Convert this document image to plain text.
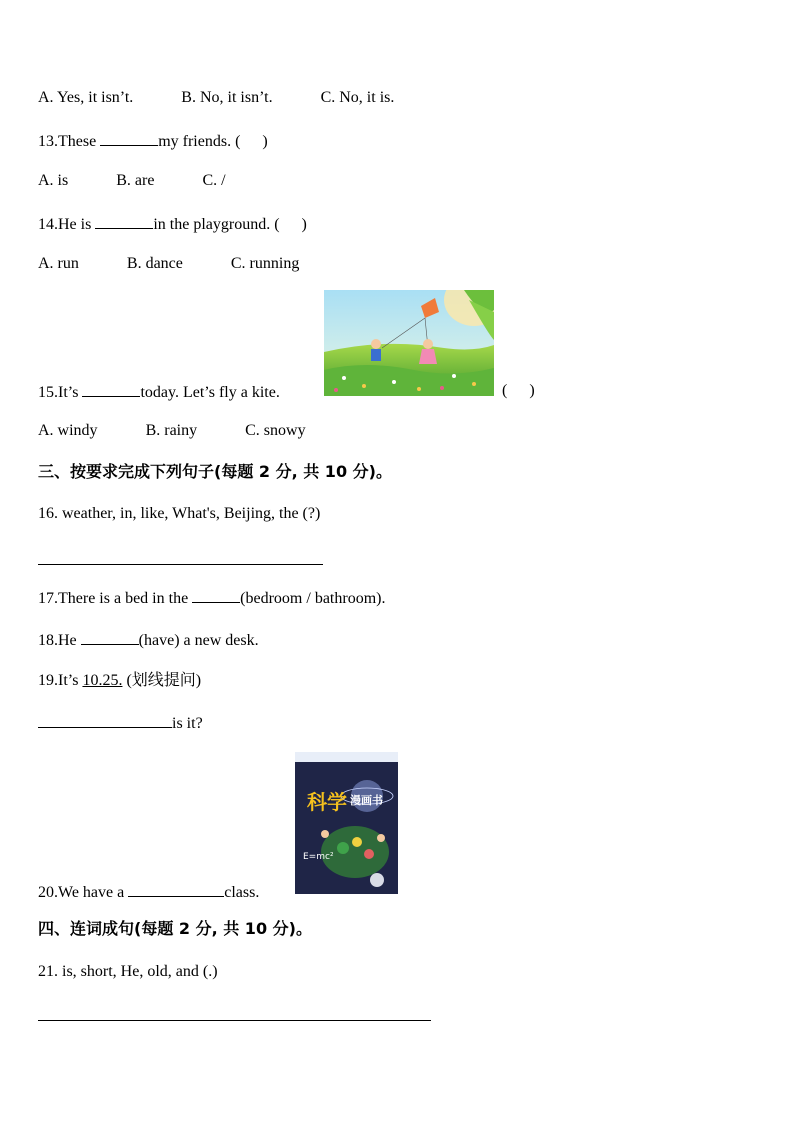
A. Yes, it isn’t.	B. No, it isn’t.	C. No, it is.
13.These	my friends. ( )
A. is	B. are	C. /
14.He is	in the playground. ( )
A. run	B. dance	C. running
15.It’s	today. Let’s fly a kite.	( )
A. windy	B. rainy	C. snowy
三、按要求完成下列句子(每题 2 分, 共 10 分)。
16. weather, in, like, What's, Beijing, the (?)
17.There is a bed in the	(bedroom / bathroom).
18.He	(have) a new desk.
19.It’s 10.25. (划线提问)
is it?
科学 漫画书
E=mc²
20.We have a	class.
四、连词成句(每题 2 分, 共 10 分)。
21. is, short, He, old, and (.)
